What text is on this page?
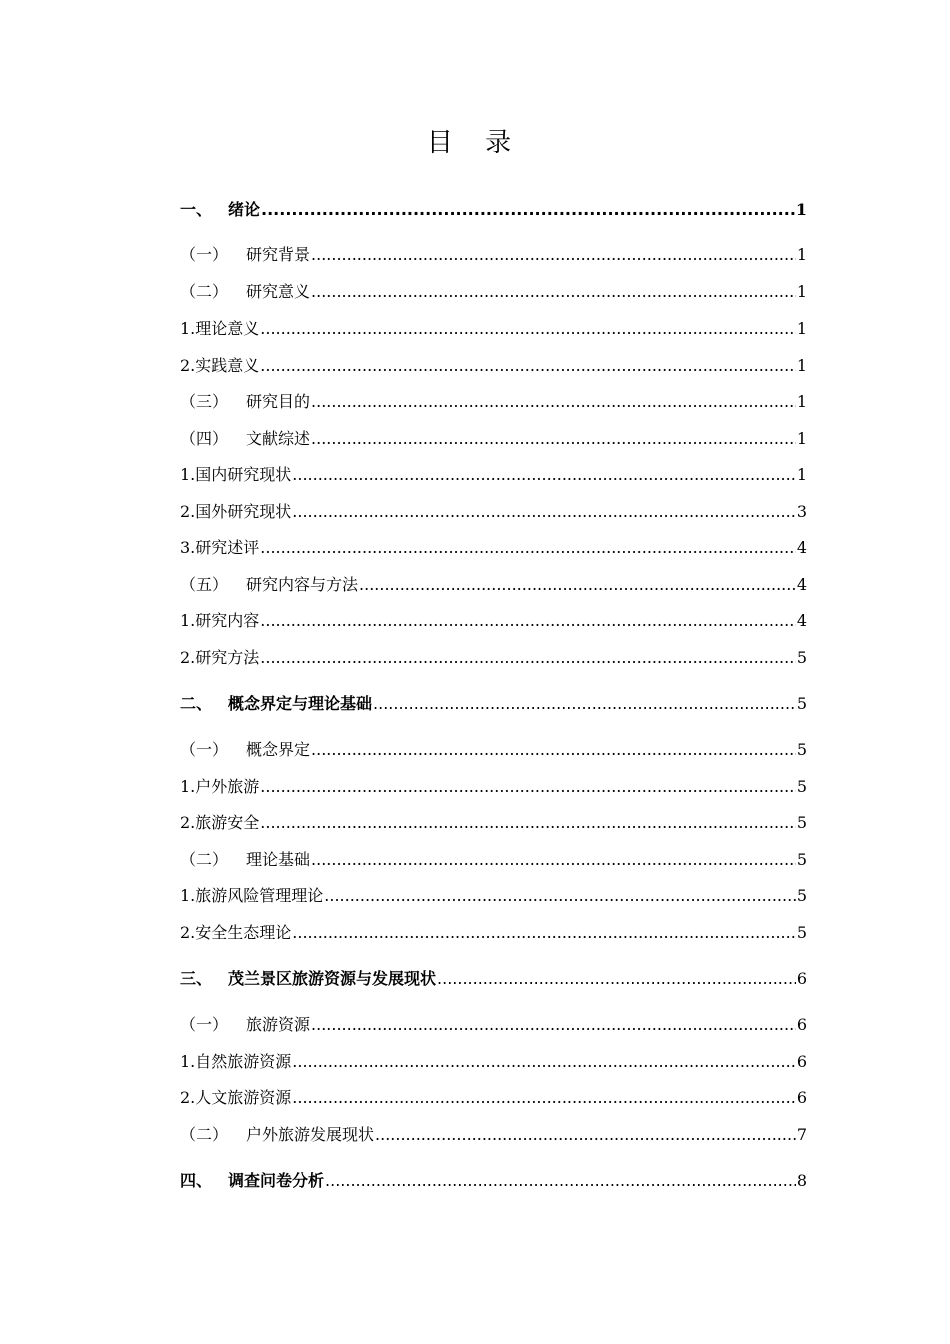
目 录
一、 绪论 .....	1
（一）	研究背景 .....	1
（二）	研究意义 .....	1
1. 理论意义 .....	1
2. 实践意义 .....	1
（三）	研究目的 .....	1
（四）	文献综述 .....	1
1. 国内研究现状 .....	1
2. 国外研究现状 .....	3
3. 研究述评 .....	4
（五）	研究内容与方法 .....	4
1. 研究内容 .....	4
2. 研究方法 .....	5
二、 概念界定与理论基础 .....	5
（一）	概念界定 .....	5
1. 户外旅游 .....	5
2. 旅游安全 .....	5
（二）	理论基础 .....	5
1. 旅游风险管理理论 .....	5
2. 安全生态理论 .....	5
三、 茂兰景区旅游资源与发展现状 .....	6
（一）	旅游资源 .....	6
1. 自然旅游资源 .....	6
2. 人文旅游资源 .....	6
（二）	户外旅游发展现状 .....	7
四、 调查问卷分析 .....	8
